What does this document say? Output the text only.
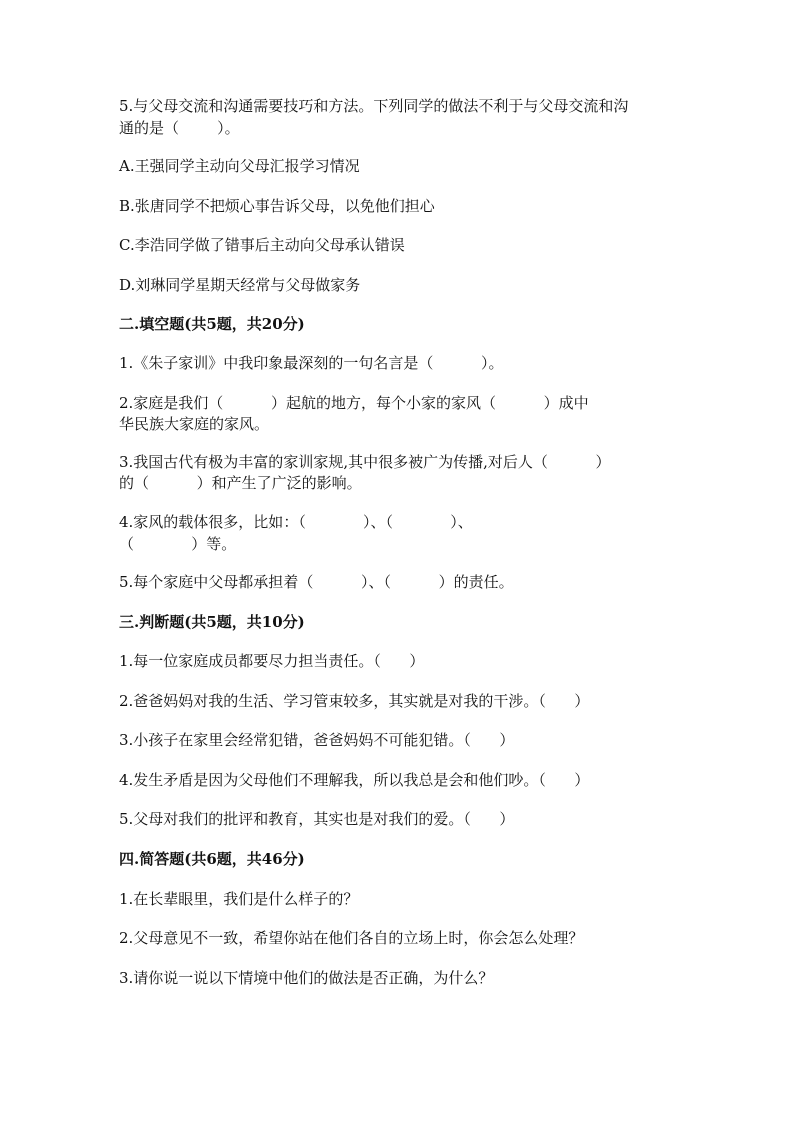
5.与父母交流和沟通需要技巧和方法。下列同学的做法不利于与父母交流和沟
通的是（        ）。
A.王强同学主动向父母汇报学习情况
B.张唐同学不把烦心事告诉父母，以免他们担心
C.李浩同学做了错事后主动向父母承认错误
D.刘琳同学星期天经常与父母做家务
二.填空题(共5题，共20分)
1.《朱子家训》中我印象最深刻的一句名言是（          ）。
2.家庭是我们（          ）起航的地方，每个小家的家风（          ）成中
华民族大家庭的家风。
3.我国古代有极为丰富的家训家规,其中很多被广为传播,对后人（          ）
的（          ）和产生了广泛的影响。
4.家风的载体很多，比如：（            ）、（            ）、
（            ）等。
5.每个家庭中父母都承担着（          ）、（          ）的责任。
三.判断题(共5题，共10分)
1.每一位家庭成员都要尽力担当责任。（      ）
2.爸爸妈妈对我的生活、学习管束较多，其实就是对我的干涉。（      ）
3.小孩子在家里会经常犯错，爸爸妈妈不可能犯错。（      ）
4.发生矛盾是因为父母他们不理解我，所以我总是会和他们吵。（      ）
5.父母对我们的批评和教育，其实也是对我们的爱。（      ）
四.简答题(共6题，共46分)
1.在长辈眼里，我们是什么样子的？
2.父母意见不一致，希望你站在他们各自的立场上时，你会怎么处理？
3.请你说一说以下情境中他们的做法是否正确，为什么？
